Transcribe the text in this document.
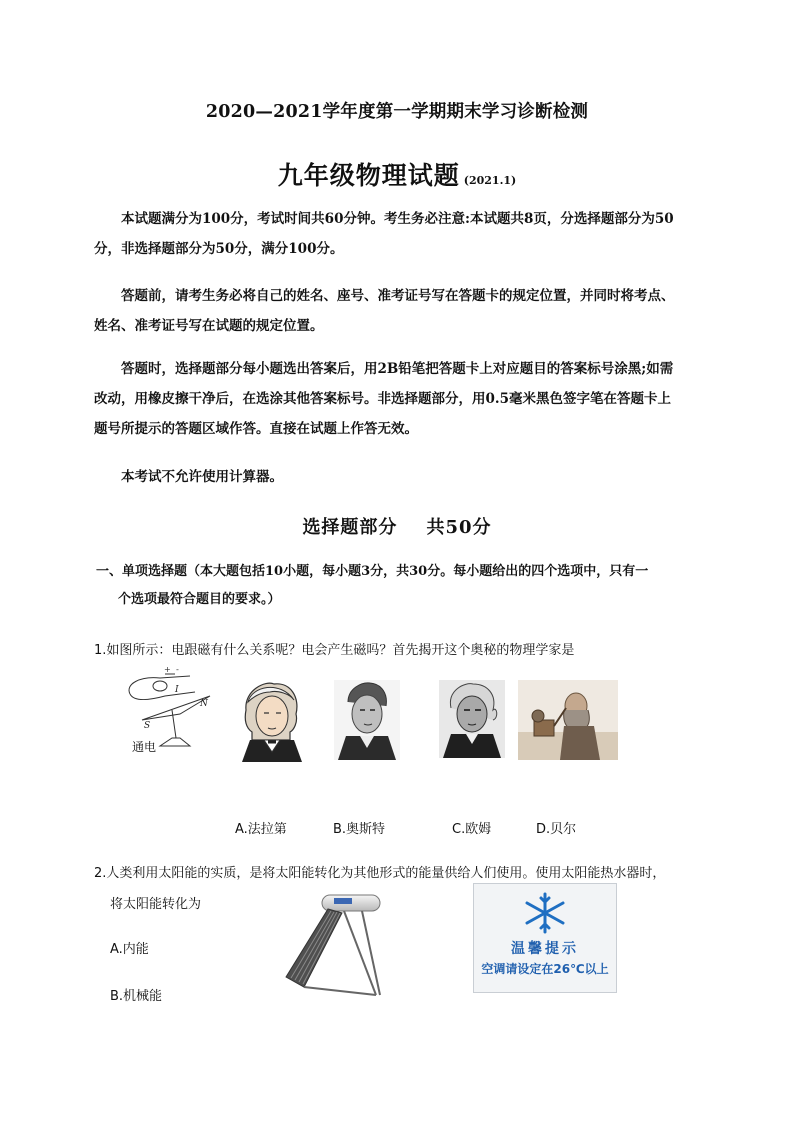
2020—2021学年度第一学期期末学习诊断检测
九年级物理试题 (2021.1)
本试题满分为100分，考试时间共60分钟。考生务必注意:本试题共8页，分选择题部分为50
分，非选择题部分为50分，满分100分。
答题前，请考生务必将自己的姓名、座号、准考证号写在答题卡的规定位置，并同时将考点、
姓名、准考证号写在试题的规定位置。
答题时，选择题部分每小题选出答案后，用2B铅笔把答题卡上对应题目的答案标号涂黑;如需
改动，用橡皮擦干净后，在选涂其他答案标号。非选择题部分，用0.5毫米黑色签字笔在答题卡上
题号所提示的答题区域作答。直接在试题上作答无效。
本考试不允许使用计算器。
选择题部分    共50分
一、单项选择题（本大题包括10小题，每小题3分，共30分。每小题给出的四个选项中，只有一
个选项最符合题目的要求。）
1.如图所示：电跟磁有什么关系呢？电会产生磁吗？首先揭开这个奥秘的物理学家是
+ -
I
N
S
通电
A.法拉第	B.奥斯特	C.欧姆	D.贝尔
2.人类利用太阳能的实质，是将太阳能转化为其他形式的能量供给人们使用。使用太阳能热水器时，
将太阳能转化为
A.内能
B.机械能
温馨提示
空调请设定在26℃以上
